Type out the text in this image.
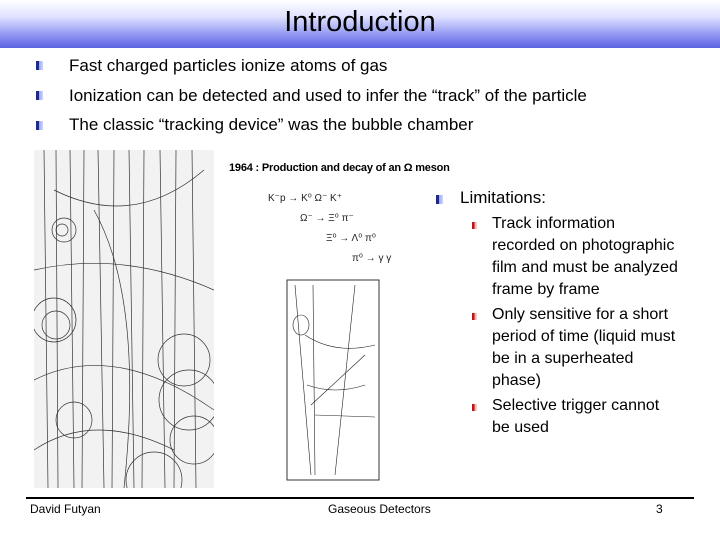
Introduction
Fast charged particles ionize atoms of gas
Ionization can be detected and used to infer the “track” of the particle
The classic “tracking device” was the bubble chamber
1964 : Production and decay of an Ω meson
K⁻p → K⁰ Ω⁻ K⁺
Ω⁻ → Ξ⁰ π⁻
Ξ⁰ → Λ⁰ π⁰
π⁰ → γ γ
Limitations:
Track information
recorded on photographic
film and must be analyzed
frame by frame
Only sensitive for a short
period of time (liquid must
be in a superheated
phase)
Selective trigger cannot
be used
David Futyan	Gaseous Detectors	3
